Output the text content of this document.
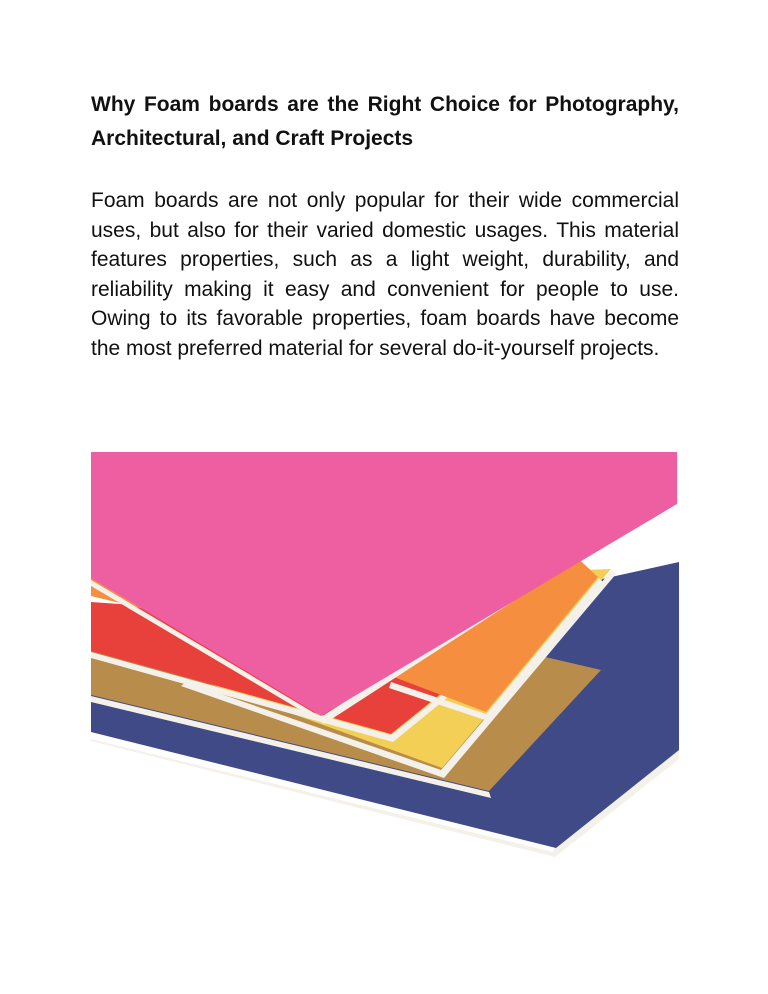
Why Foam boards are the Right Choice for Photography, Architectural, and Craft Projects

Foam boards are not only popular for their wide commercial uses, but also for their varied domestic usages. This material features properties, such as a light weight, durability, and reliability making it easy and convenient for people to use. Owing to its favorable properties, foam boards have become the most preferred material for several do-it-yourself projects.
